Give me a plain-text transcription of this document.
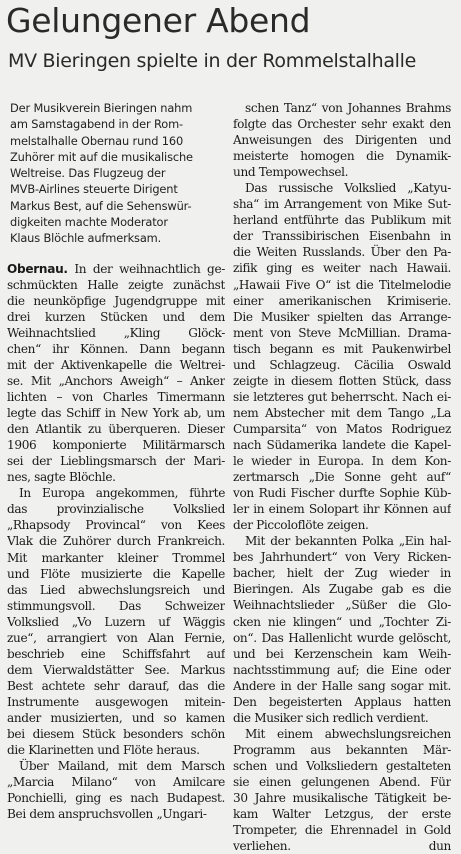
Gelungener Abend
MV Bieringen spielte in der Rommelstalhalle
Der Musikverein Bieringen nahm
am Samstagabend in der Rom-
melstalhalle Obernau rund 160
Zuhörer mit auf die musikalische
Weltreise. Das Flugzeug der
MVB-Airlines steuerte Dirigent
Markus Best, auf die Sehenswür-
digkeiten machte Moderator
Klaus Blöchle aufmerksam.
Obernau. In der weihnachtlich ge-
schmückten Halle zeigte zunächst
die neunköpfige Jugendgruppe mit
drei kurzen Stücken und dem
Weihnachtslied „Kling Glöck-
chen“ ihr Können. Dann begann
mit der Aktivenkapelle die Weltrei-
se. Mit „Anchors Aweigh“ – Anker
lichten – von Charles Timermann
legte das Schiff in New York ab, um
den Atlantik zu überqueren. Dieser
1906 komponierte Militärmarsch
sei der Lieblingsmarsch der Mari-
nes, sagte Blöchle.
In Europa angekommen, führte
das provinzialische Volkslied
„Rhapsody Provincal“ von Kees
Vlak die Zuhörer durch Frankreich.
Mit markanter kleiner Trommel
und Flöte musizierte die Kapelle
das Lied abwechslungsreich und
stimmungsvoll. Das Schweizer
Volkslied „Vo Luzern uf Wäggis
zue“, arrangiert von Alan Fernie,
beschrieb eine Schiffsfahrt auf
dem Vierwaldstätter See. Markus
Best achtete sehr darauf, das die
Instrumente ausgewogen mitein-
ander musizierten, und so kamen
bei diesem Stück besonders schön
die Klarinetten und Flöte heraus.
Über Mailand, mit dem Marsch
„Marcia Milano“ von Amilcare
Ponchielli, ging es nach Budapest.
Bei dem anspruchsvollen „Ungari-
schen Tanz“ von Johannes Brahms
folgte das Orchester sehr exakt den
Anweisungen des Dirigenten und
meisterte homogen die Dynamik-
und Tempowechsel.
Das russische Volkslied „Katyu-
sha“ im Arrangement von Mike Sut-
herland entführte das Publikum mit
der Transsibirischen Eisenbahn in
die Weiten Russlands. Über den Pa-
zifik ging es weiter nach Hawaii.
„Hawaii Five O“ ist die Titelmelodie
einer amerikanischen Krimiserie.
Die Musiker spielten das Arrange-
ment von Steve McMillian. Drama-
tisch begann es mit Paukenwirbel
und Schlagzeug. Cäcilia Oswald
zeigte in diesem flotten Stück, dass
sie letzteres gut beherrscht. Nach ei-
nem Abstecher mit dem Tango „La
Cumparsita“ von Matos Rodriguez
nach Südamerika landete die Kapel-
le wieder in Europa. In dem Kon-
zertmarsch „Die Sonne geht auf“
von Rudi Fischer durfte Sophie Küb-
ler in einem Solopart ihr Können auf
der Piccoloflöte zeigen.
Mit der bekannten Polka „Ein hal-
bes Jahrhundert“ von Very Ricken-
bacher, hielt der Zug wieder in
Bieringen. Als Zugabe gab es die
Weihnachtslieder „Süßer die Glo-
cken nie klingen“ und „Tochter Zi-
on“. Das Hallenlicht wurde gelöscht,
und bei Kerzenschein kam Weih-
nachtsstimmung auf; die Eine oder
Andere in der Halle sang sogar mit.
Den begeisterten Applaus hatten
die Musiker sich redlich verdient.
Mit einem abwechslungsreichen
Programm aus bekannten Mär-
schen und Volksliedern gestalteten
sie einen gelungenen Abend. Für
30 Jahre musikalische Tätigkeit be-
kam Walter Letzgus, der erste
Trompeter, die Ehrennadel in Gold
verliehen.	dun
